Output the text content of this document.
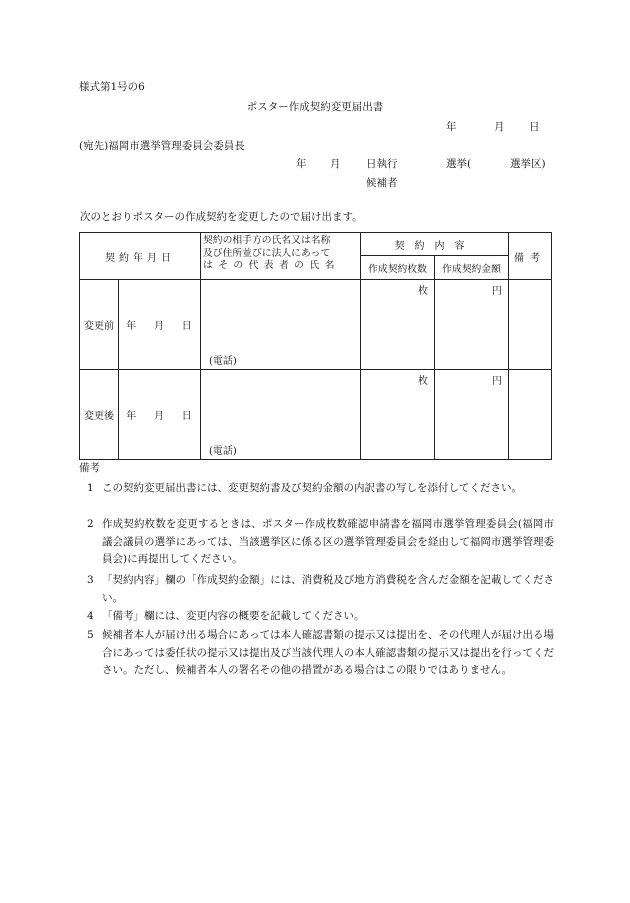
様式第1号の6
ポスター作成契約変更届出書
年	月 日
(宛先)福岡市選挙管理委員会委員長
年 月 日執行	選挙(	選挙区)
候補者
次のとおりポスターの作成契約を変更したので届け出ます。
契約年月日		契約の相手方の氏名又は名称
及び住所並びに法人にあって
はその代表者の氏名	契約内容		備考
			作成契約枚数	作成契約金額	
変更前	年 月 日	(電話)	枚	円	
変更後	年 月 日	(電話)	枚	円	
備考
1 この契約変更届出書には、変更契約書及び契約金額の内訳書の写しを添付してください。
2 作成契約枚数を変更するときは、ポスター作成枚数確認申請書を福岡市選挙管理委員会(福岡市議会議員の選挙にあっては、当該選挙区に係る区の選挙管理委員会を経由して福岡市選挙管理委員会)に再提出してください。
3 「契約内容」欄の「作成契約金額」には、消費税及び地方消費税を含んだ金額を記載してください。
4 「備考」欄には、変更内容の概要を記載してください。
5 候補者本人が届け出る場合にあっては本人確認書類の提示又は提出を、その代理人が届け出る場合にあっては委任状の提示又は提出及び当該代理人の本人確認書類の提示又は提出を行ってください。ただし、候補者本人の署名その他の措置がある場合はこの限りではありません。
